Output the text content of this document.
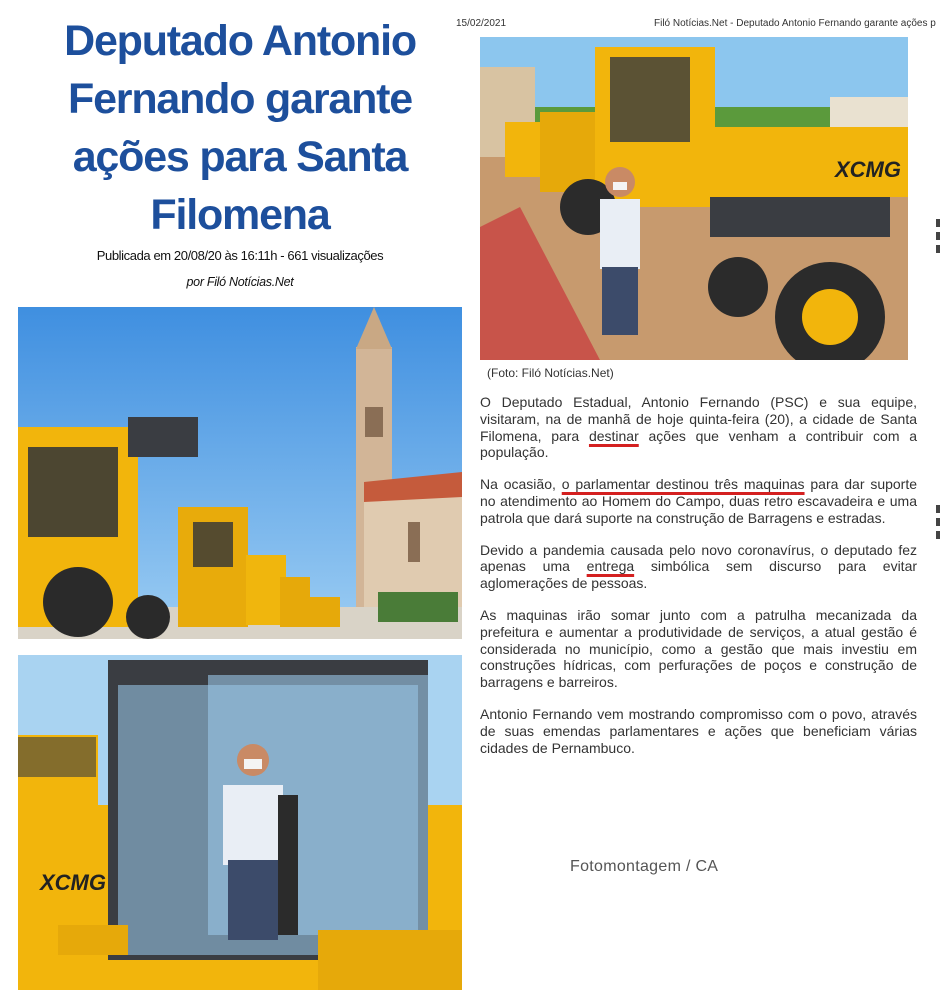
Deputado Antonio Fernando garante ações para Santa Filomena
Publicada em 20/08/20 às 16:11h - 661 visualizações
por Filó Notícias.Net
15/02/2021	Filó Notícias.Net - Deputado Antonio Fernando garante ações p
XCMG
(Foto: Filó Notícias.Net)
XCMG

O Deputado Estadual, Antonio Fernando (PSC) e sua equipe, visitaram, na de manhã de hoje quinta-feira (20), a cidade de Santa Filomena, para destinar ações que venham a contribuir com a população.

Na ocasião, o parlamentar destinou três maquinas para dar suporte no atendimento ao Homem do Campo, duas retro escavadeira e uma patrola que dará suporte na construção de Barragens e estradas.

Devido a pandemia causada pelo novo coronavírus, o deputado fez apenas uma entrega simbólica sem discurso para evitar aglomerações de pessoas.

As maquinas irão somar junto com a patrulha mecanizada da prefeitura e aumentar a produtividade de serviços, a atual gestão é considerada no município, como a gestão que mais investiu em construções hídricas, com perfurações de poços e construção de barragens e barreiros.

Antonio Fernando vem mostrando compromisso com o povo, através de suas emendas parlamentares e ações que beneficiam várias cidades de Pernambuco.

Fotomontagem / CA
